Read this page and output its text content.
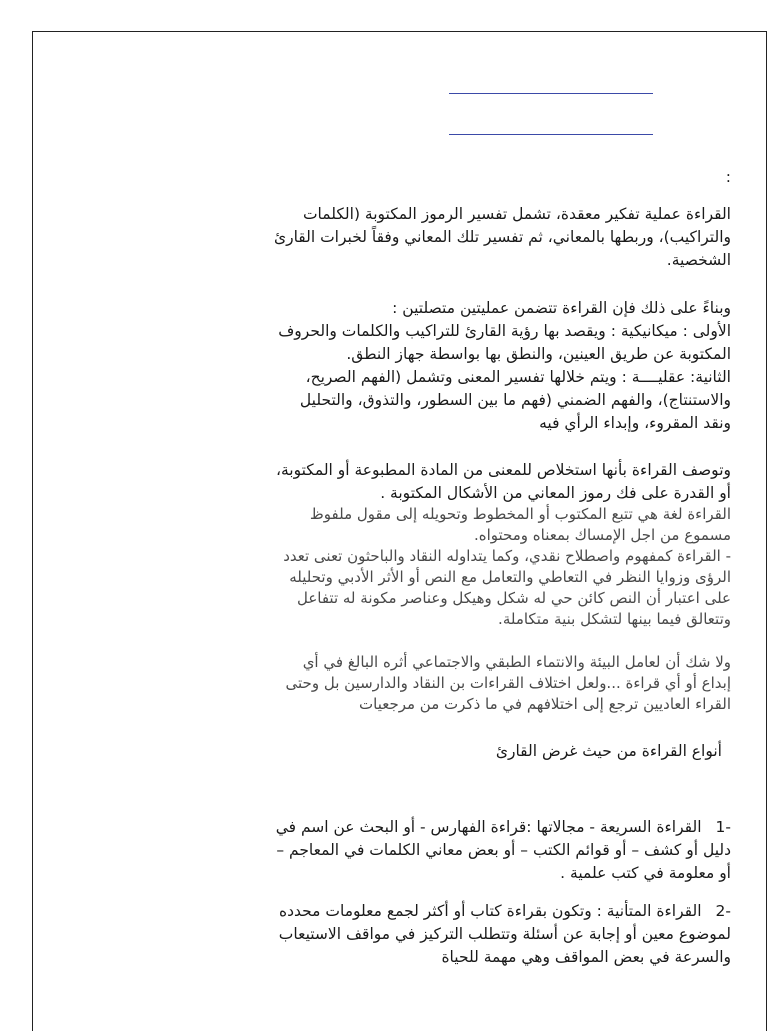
:
القراءة عملية تفكير معقدة، تشمل تفسير الرموز المكتوبة (الكلمات
والتراكيب)، وربطها بالمعاني، ثم تفسير تلك المعاني وفقاً لخبرات القارئ
الشخصية.
وبناءً على ذلك فإن القراءة تتضمن عمليتين متصلتين :
الأولى : ميكانيكية : ويقصد بها رؤية القارئ للتراكيب والكلمات والحروف
المكتوبة عن طريق العينين، والنطق بها بواسطة جهاز النطق.
الثانية: عقليــــة : ويتم خلالها تفسير المعنى وتشمل (الفهم الصريح،
والاستنتاج)، والفهم الضمني (فهم ما بين السطور، والتذوق، والتحليل
ونقد المقروء، وإبداء الرأي فيه
وتوصف القراءة بأنها استخلاص للمعنى من المادة المطبوعة أو المكتوبة،
أو القدرة على فك رموز المعاني من الأشكال المكتوبة .
القراءة لغة هي تتبع المكتوب أو المخطوط وتحويله إلى مقول ملفوظ
مسموع من اجل الإمساك بمعناه ومحتواه.
- القراءة كمفهوم واصطلاح نقدي، وكما يتداوله النقاد والباحثون تعنى تعدد
الرؤى وزوايا النظر في التعاطي والتعامل مع النص أو الأثر الأدبي وتحليله
على اعتبار أن النص كائن حي له شكل وهيكل وعناصر مكونة له تتفاعل
وتتعالق فيما بينها لتشكل بنية متكاملة.
ولا شك أن لعامل البيئة والانتماء الطبقي والاجتماعي أثره البالغ في أي
إبداع أو أي قراءة ...ولعل اختلاف القراءات بن النقاد والدارسين بل وحتى
القراء العاديين ترجع إلى اختلافهم في ما ذكرت من مرجعيات
أنواع القراءة من حيث غرض القارئ
-1القراءة السريعة - مجالاتها :قراءة الفهارس - أو البحث عن اسم في
دليل أو كشف – أو قوائم الكتب – أو بعض معاني الكلمات في المعاجم –
أو معلومة في كتب علمية .
-2القراءة المتأنية : وتكون بقراءة كتاب أو أكثر لجمع معلومات محدده
لموضوع معين أو إجابة عن أسئلة وتتطلب التركيز في مواقف الاستيعاب
والسرعة في بعض المواقف وهي مهمة للحياة
